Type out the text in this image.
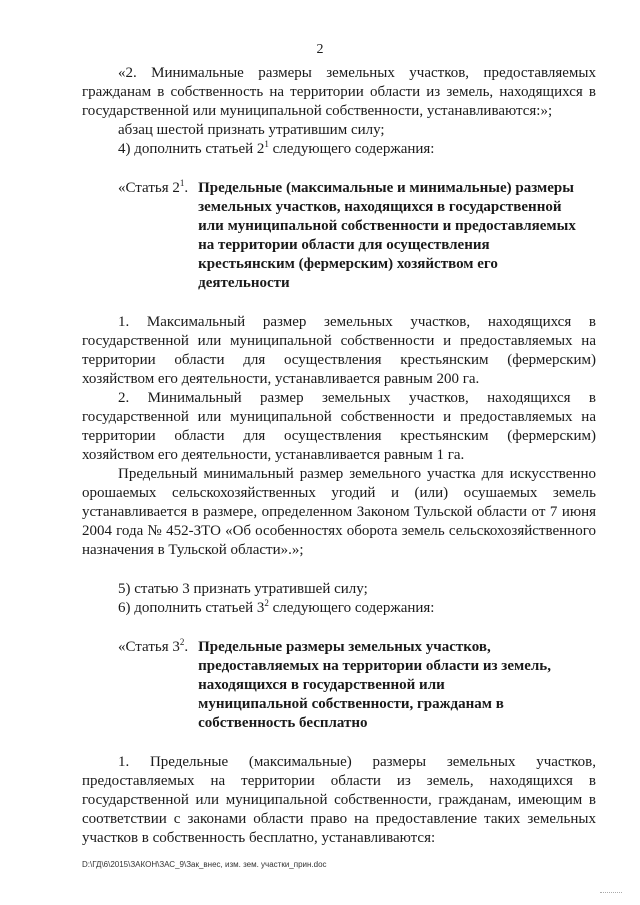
2

«2. Минимальные размеры земельных участков, предоставляемых гражданам в собственность на территории области из земель, находящихся в государственной или муниципальной собственности, устанавливаются:»;

абзац шестой признать утратившим силу;

4) дополнить статьей $2^1$ следующего содержания:

«Статья $2^1$. Предельные (максимальные и минимальные) размеры земельных участков, находящихся в государственной или муниципальной собственности и предоставляемых на территории области для осуществления крестьянским (фермерским) хозяйством его деятельности

1. Максимальный размер земельных участков, находящихся в государственной или муниципальной собственности и предоставляемых на территории области для осуществления крестьянским (фермерским) хозяйством его деятельности, устанавливается равным 200 га.

2. Минимальный размер земельных участков, находящихся в государственной или муниципальной собственности и предоставляемых на территории области для осуществления крестьянским (фермерским) хозяйством его деятельности, устанавливается равным 1 га.

Предельный минимальный размер земельного участка для искусственно орошаемых сельскохозяйственных угодий и (или) осушаемых земель устанавливается в размере, определенном Законом Тульской области от 7 июня 2004 года № 452-ЗТО «Об особенностях оборота земель сельскохозяйственного назначения в Тульской области».»;

5) статью 3 признать утратившей силу;

6) дополнить статьей $3^2$ следующего содержания:

«Статья $3^2$. Предельные размеры земельных участков, предоставляемых на территории области из земель, находящихся в государственной или муниципальной собственности, гражданам в собственность бесплатно

1. Предельные (максимальные) размеры земельных участков, предоставляемых на территории области из земель, находящихся в государственной или муниципальной собственности, гражданам, имеющим в соответствии с законами области право на предоставление таких земельных участков в собственность бесплатно, устанавливаются:

D:\ГД\6\2015\ЗАКОН\ЗАС_9\Зак_внес, изм. зем. участки_прин.doc
